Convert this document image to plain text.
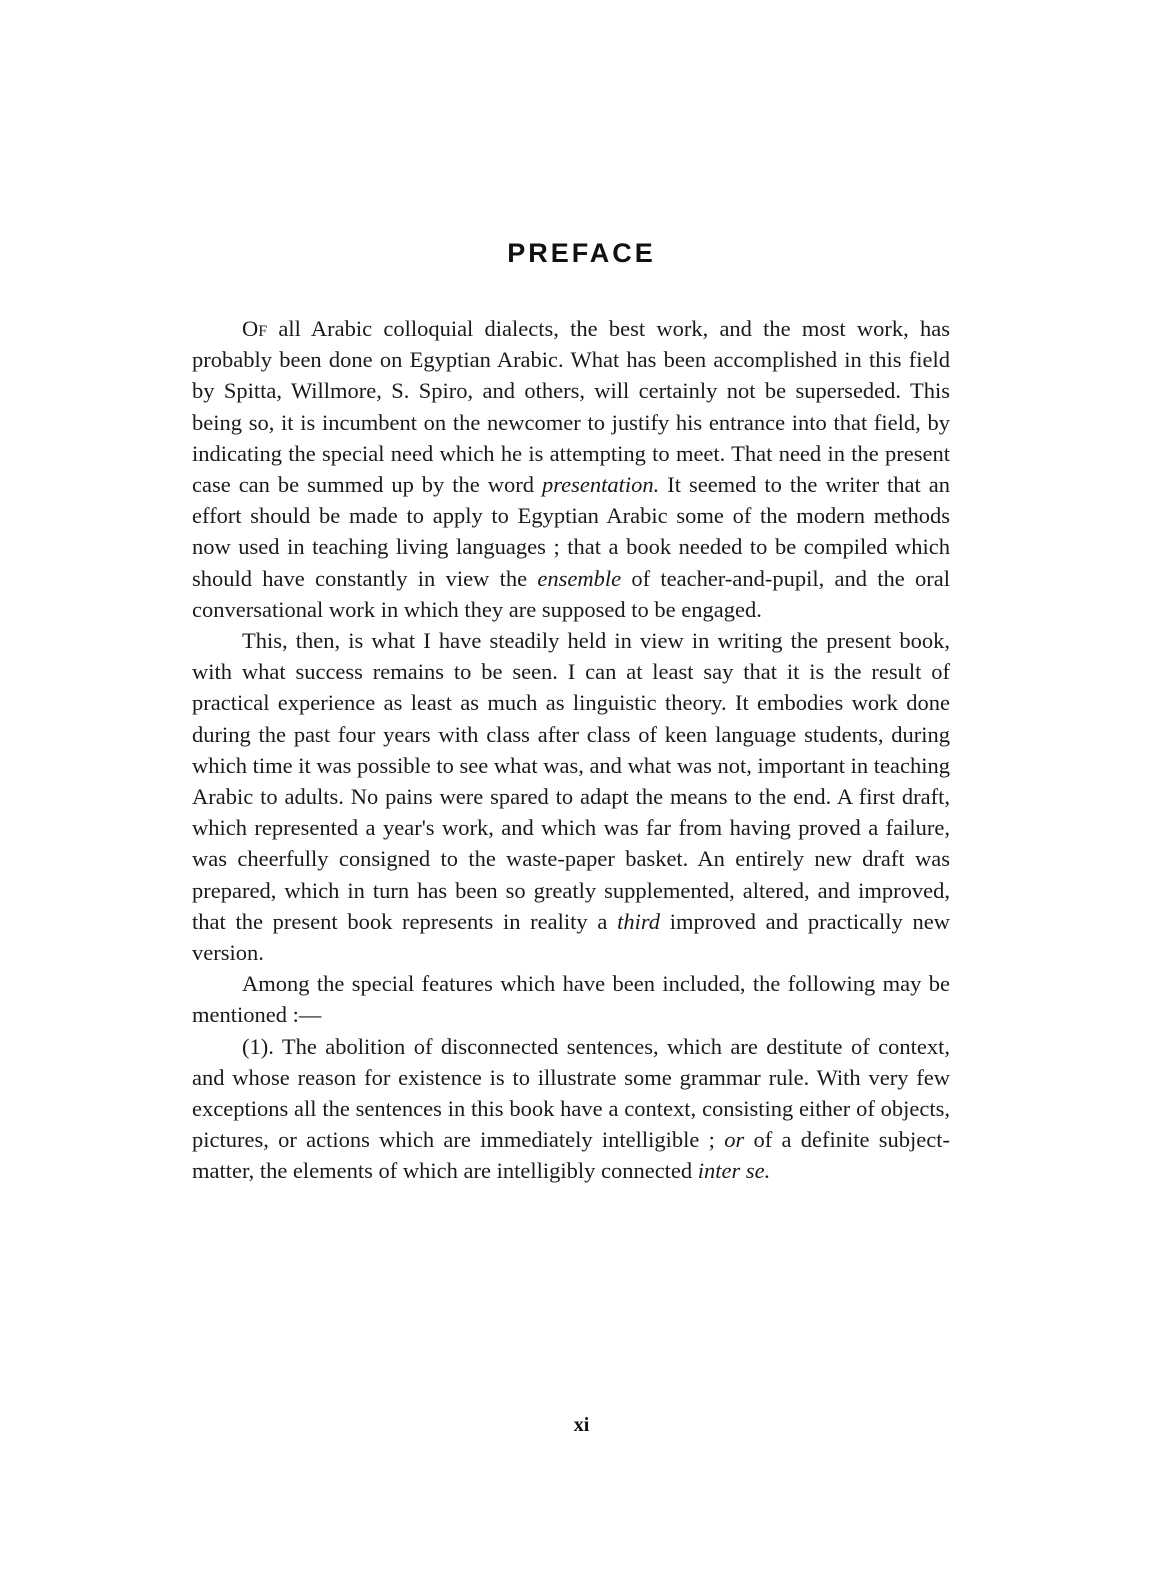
PREFACE

Of all Arabic colloquial dialects, the best work, and the most work, has probably been done on Egyptian Arabic. What has been accomplished in this field by Spitta, Willmore, S. Spiro, and others, will certainly not be superseded. This being so, it is incumbent on the newcomer to justify his entrance into that field, by indicating the special need which he is attempting to meet. That need in the present case can be summed up by the word presentation. It seemed to the writer that an effort should be made to apply to Egyptian Arabic some of the modern methods now used in teaching living languages ; that a book needed to be compiled which should have constantly in view the ensemble of teacher-and-pupil, and the oral conversational work in which they are supposed to be engaged.

This, then, is what I have steadily held in view in writing the present book, with what success remains to be seen. I can at least say that it is the result of practical experience as least as much as linguistic theory. It embodies work done during the past four years with class after class of keen language students, during which time it was possible to see what was, and what was not, important in teaching Arabic to adults. No pains were spared to adapt the means to the end. A first draft, which represented a year's work, and which was far from having proved a failure, was cheerfully consigned to the waste-paper basket. An entirely new draft was prepared, which in turn has been so greatly supplemented, altered, and improved, that the present book represents in reality a third improved and practically new version.

Among the special features which have been included, the following may be mentioned :—

(1). The abolition of disconnected sentences, which are destitute of context, and whose reason for existence is to illustrate some grammar rule. With very few exceptions all the sentences in this book have a context, consisting either of objects, pictures, or actions which are immediately intelligible ; or of a definite subject-matter, the elements of which are intelligibly connected inter se.

xi
